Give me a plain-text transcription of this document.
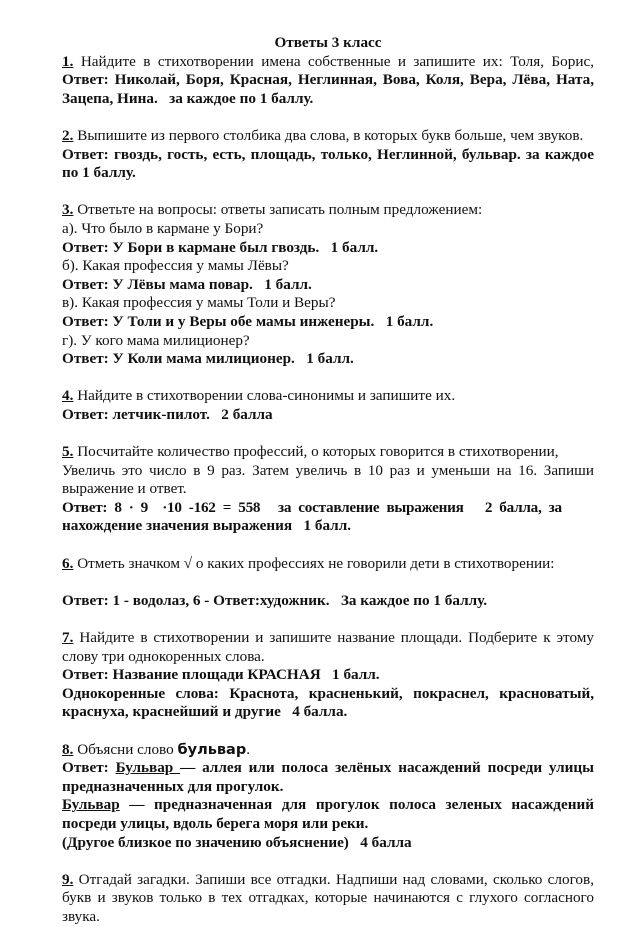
Ответы 3 класс

1. Найдите в стихотворении имена собственные и запишите их: Толя, Борис,

Ответ: Николай, Боря, Красная, Неглинная, Вова, Коля, Вера, Лёва, Ната,

Зацепа, Нина.   за каждое по 1 баллу.

2. Выпишите из первого столбика два слова, в которых букв больше, чем звуков.

Ответ: гвоздь, гость, есть, площадь, только, Неглинной, бульвар. за каждое

по 1 баллу.

3. Ответьте на вопросы: ответы записать полным предложением:

а). Что было в кармане у Бори?

Ответ: У Бори в кармане был гвоздь.   1 балл.

б). Какая профессия у мамы Лёвы?

Ответ: У Лёвы мама повар.   1 балл.

в). Какая профессия у мамы Толи и Веры?

Ответ: У Толи и у Веры обе мамы инженеры.   1 балл.

г). У кого мама милиционер?

Ответ: У Коли мама милиционер.   1 балл.

4. Найдите в стихотворении слова-синонимы и запишите их.

Ответ: летчик-пилот.   2 балла

5. Посчитайте количество профессий, о которых говорится в стихотворении,

Увеличь это число в 9 раз. Затем увеличь в 10 раз и уменьши на 16. Запиши

выражение и ответ.

Ответ:  8  ·  9    ·10  -162  =  558     за  составление  выражения      2  балла,  за

нахождение значения выражения   1 балл.

6. Отметь значком √ о каких профессиях не говорили дети в стихотворении:

Ответ: 1 - водолаз, 6 - Ответ:художник.   За каждое по 1 баллу.

7. Найдите в стихотворении и запишите название площади. Подберите к этому

слову три однокоренных слова.

Ответ: Название площади КРАСНАЯ   1 балл.

Однокоренные слова: Краснота, красненький, покраснел, красноватый,

краснуха, краснейший и другие   4 балла.

8. Объясни слово бульвар.

Ответ: Бульвар — аллея или полоса зелёных насаждений посреди улицы

предназначенных для прогулок.

Бульвар — предназначенная для прогулок полоса зеленых насаждений

посреди улицы, вдоль берега моря или реки.

(Другое близкое по значению объяснение)   4 балла

9. Отгадай загадки. Запиши все отгадки. Надпиши над словами, сколько слогов,

букв и звуков только в тех отгадках, которые начинаются с глухого согласного

звука.
